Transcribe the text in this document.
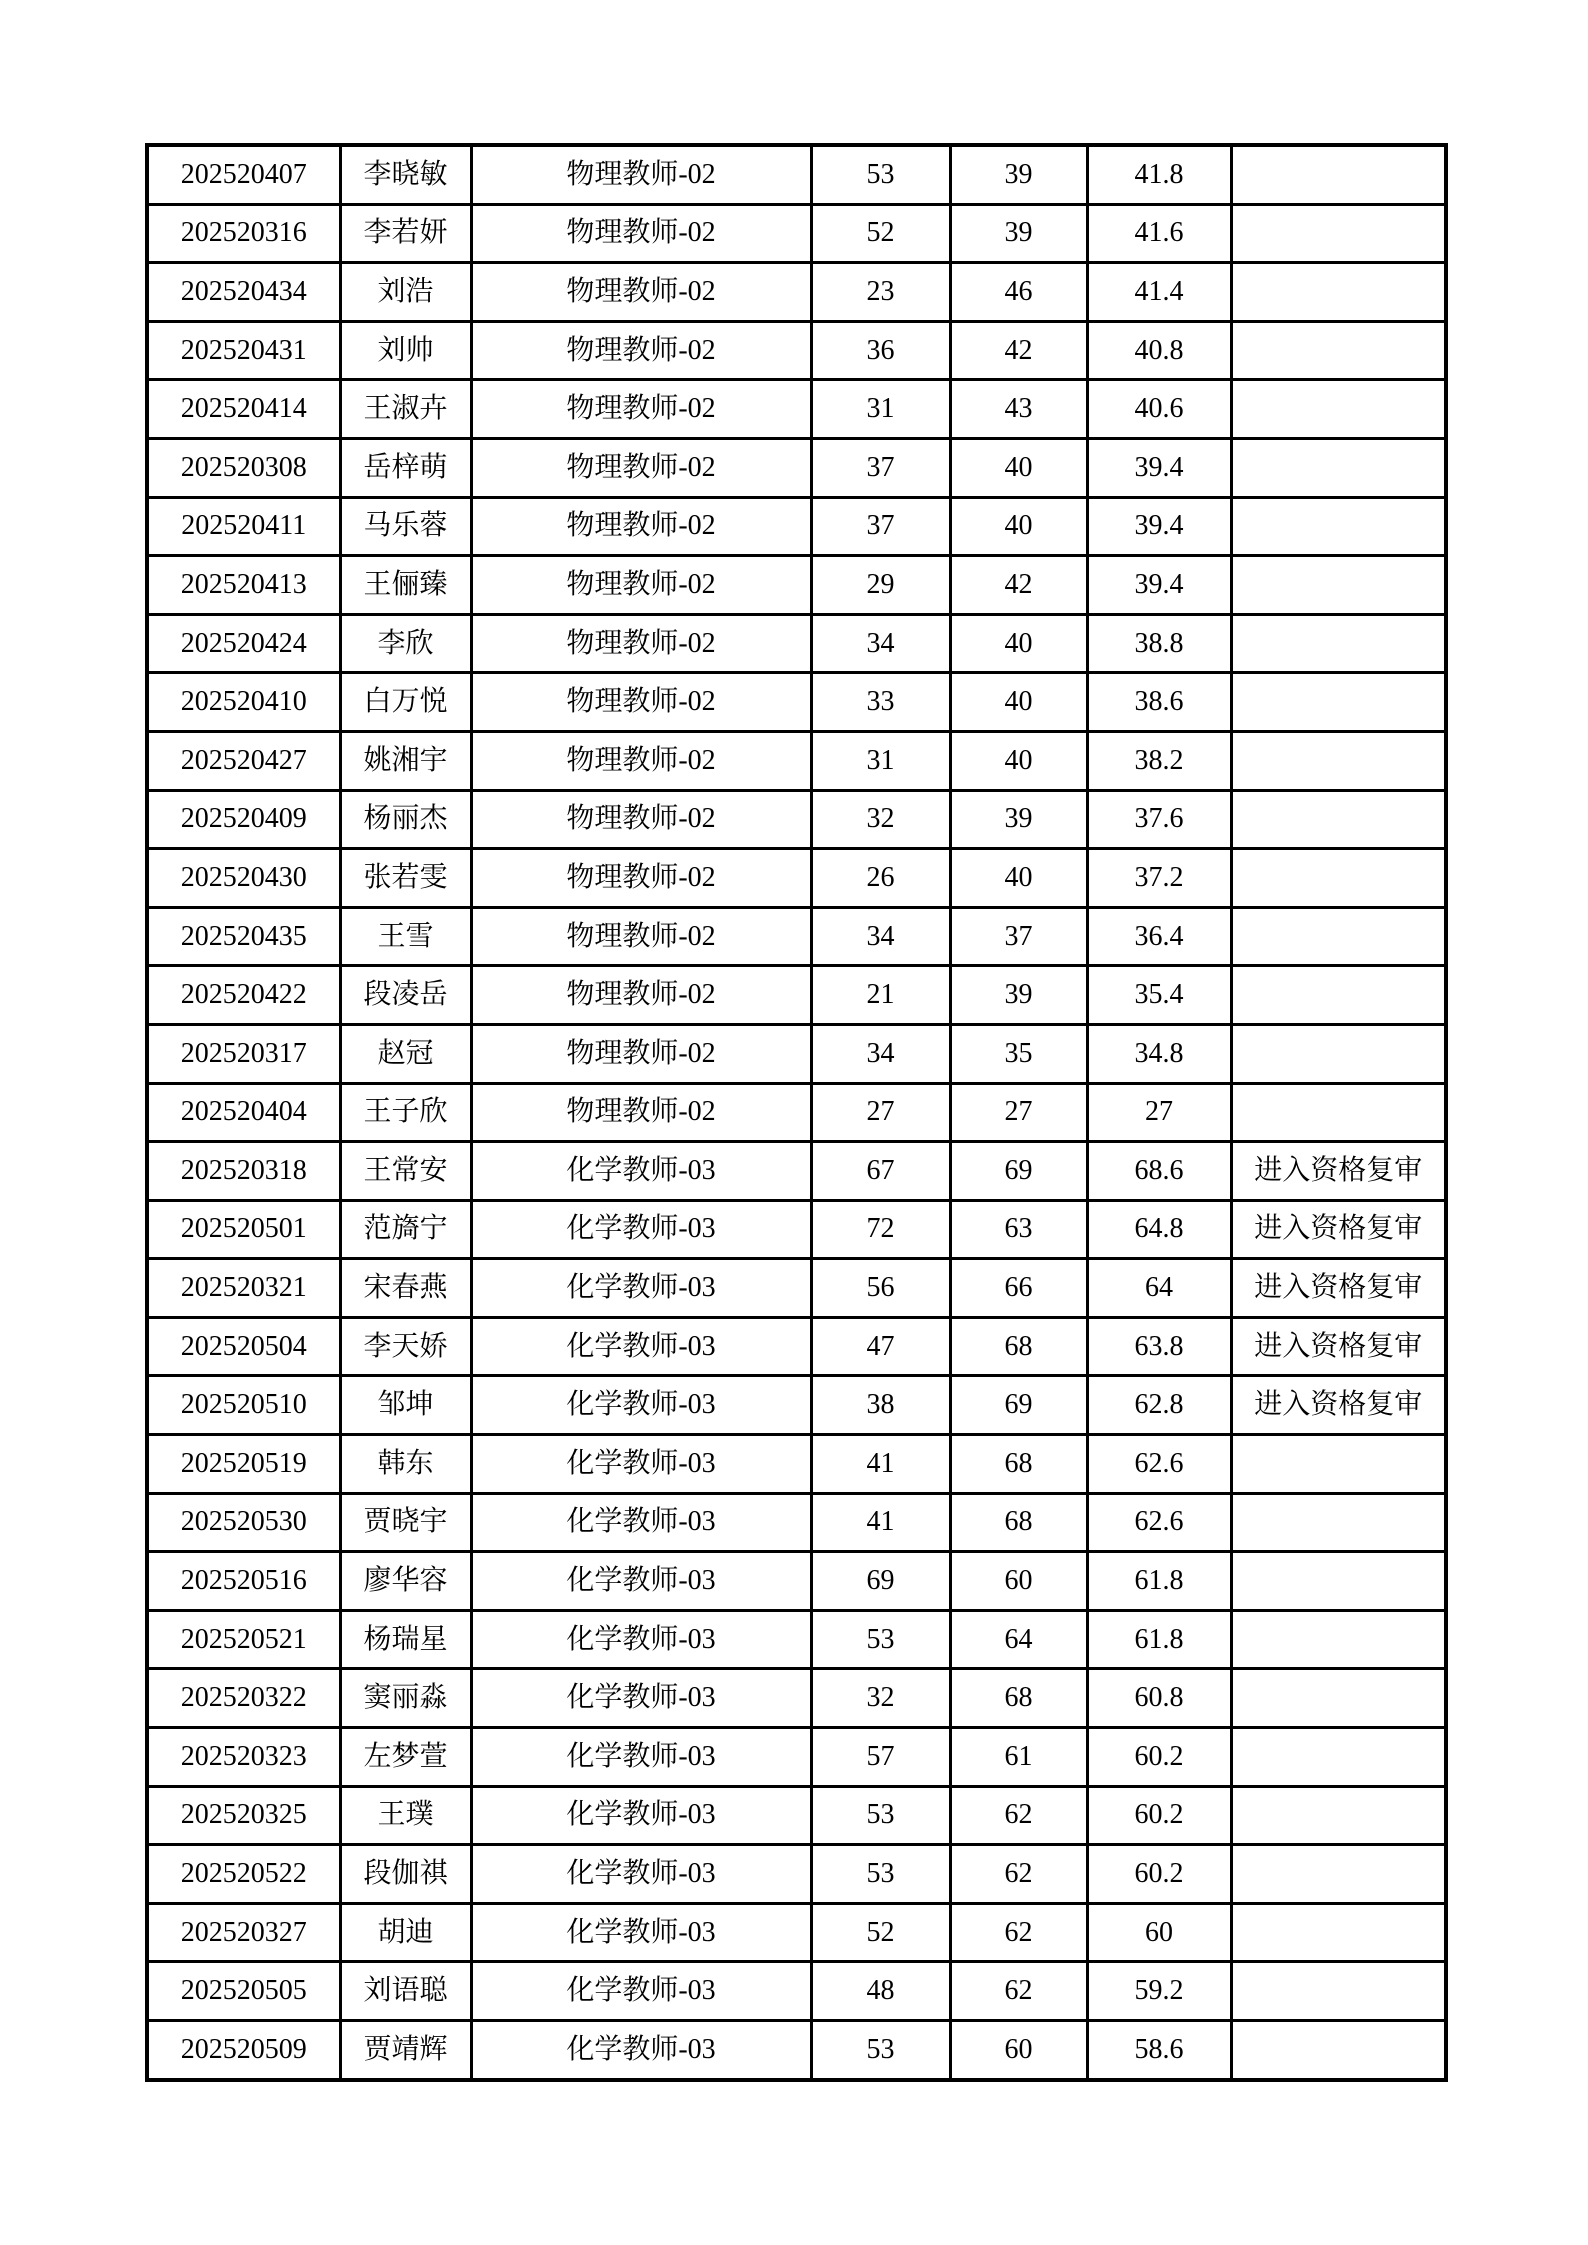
202520407	李晓敏	物理教师-02	53	39	41.8	
202520316	李若妍	物理教师-02	52	39	41.6	
202520434	刘浩	物理教师-02	23	46	41.4	
202520431	刘帅	物理教师-02	36	42	40.8	
202520414	王淑卉	物理教师-02	31	43	40.6	
202520308	岳梓萌	物理教师-02	37	40	39.4	
202520411	马乐蓉	物理教师-02	37	40	39.4	
202520413	王俪臻	物理教师-02	29	42	39.4	
202520424	李欣	物理教师-02	34	40	38.8	
202520410	白万悦	物理教师-02	33	40	38.6	
202520427	姚湘宇	物理教师-02	31	40	38.2	
202520409	杨丽杰	物理教师-02	32	39	37.6	
202520430	张若雯	物理教师-02	26	40	37.2	
202520435	王雪	物理教师-02	34	37	36.4	
202520422	段凌岳	物理教师-02	21	39	35.4	
202520317	赵冠	物理教师-02	34	35	34.8	
202520404	王子欣	物理教师-02	27	27	27	
202520318	王常安	化学教师-03	67	69	68.6	进入资格复审
202520501	范旖宁	化学教师-03	72	63	64.8	进入资格复审
202520321	宋春燕	化学教师-03	56	66	64	进入资格复审
202520504	李天娇	化学教师-03	47	68	63.8	进入资格复审
202520510	邹坤	化学教师-03	38	69	62.8	进入资格复审
202520519	韩东	化学教师-03	41	68	62.6	
202520530	贾晓宇	化学教师-03	41	68	62.6	
202520516	廖华容	化学教师-03	69	60	61.8	
202520521	杨瑞星	化学教师-03	53	64	61.8	
202520322	窦丽淼	化学教师-03	32	68	60.8	
202520323	左梦萱	化学教师-03	57	61	60.2	
202520325	王璞	化学教师-03	53	62	60.2	
202520522	段伽祺	化学教师-03	53	62	60.2	
202520327	胡迪	化学教师-03	52	62	60	
202520505	刘语聪	化学教师-03	48	62	59.2	
202520509	贾靖辉	化学教师-03	53	60	58.6	
